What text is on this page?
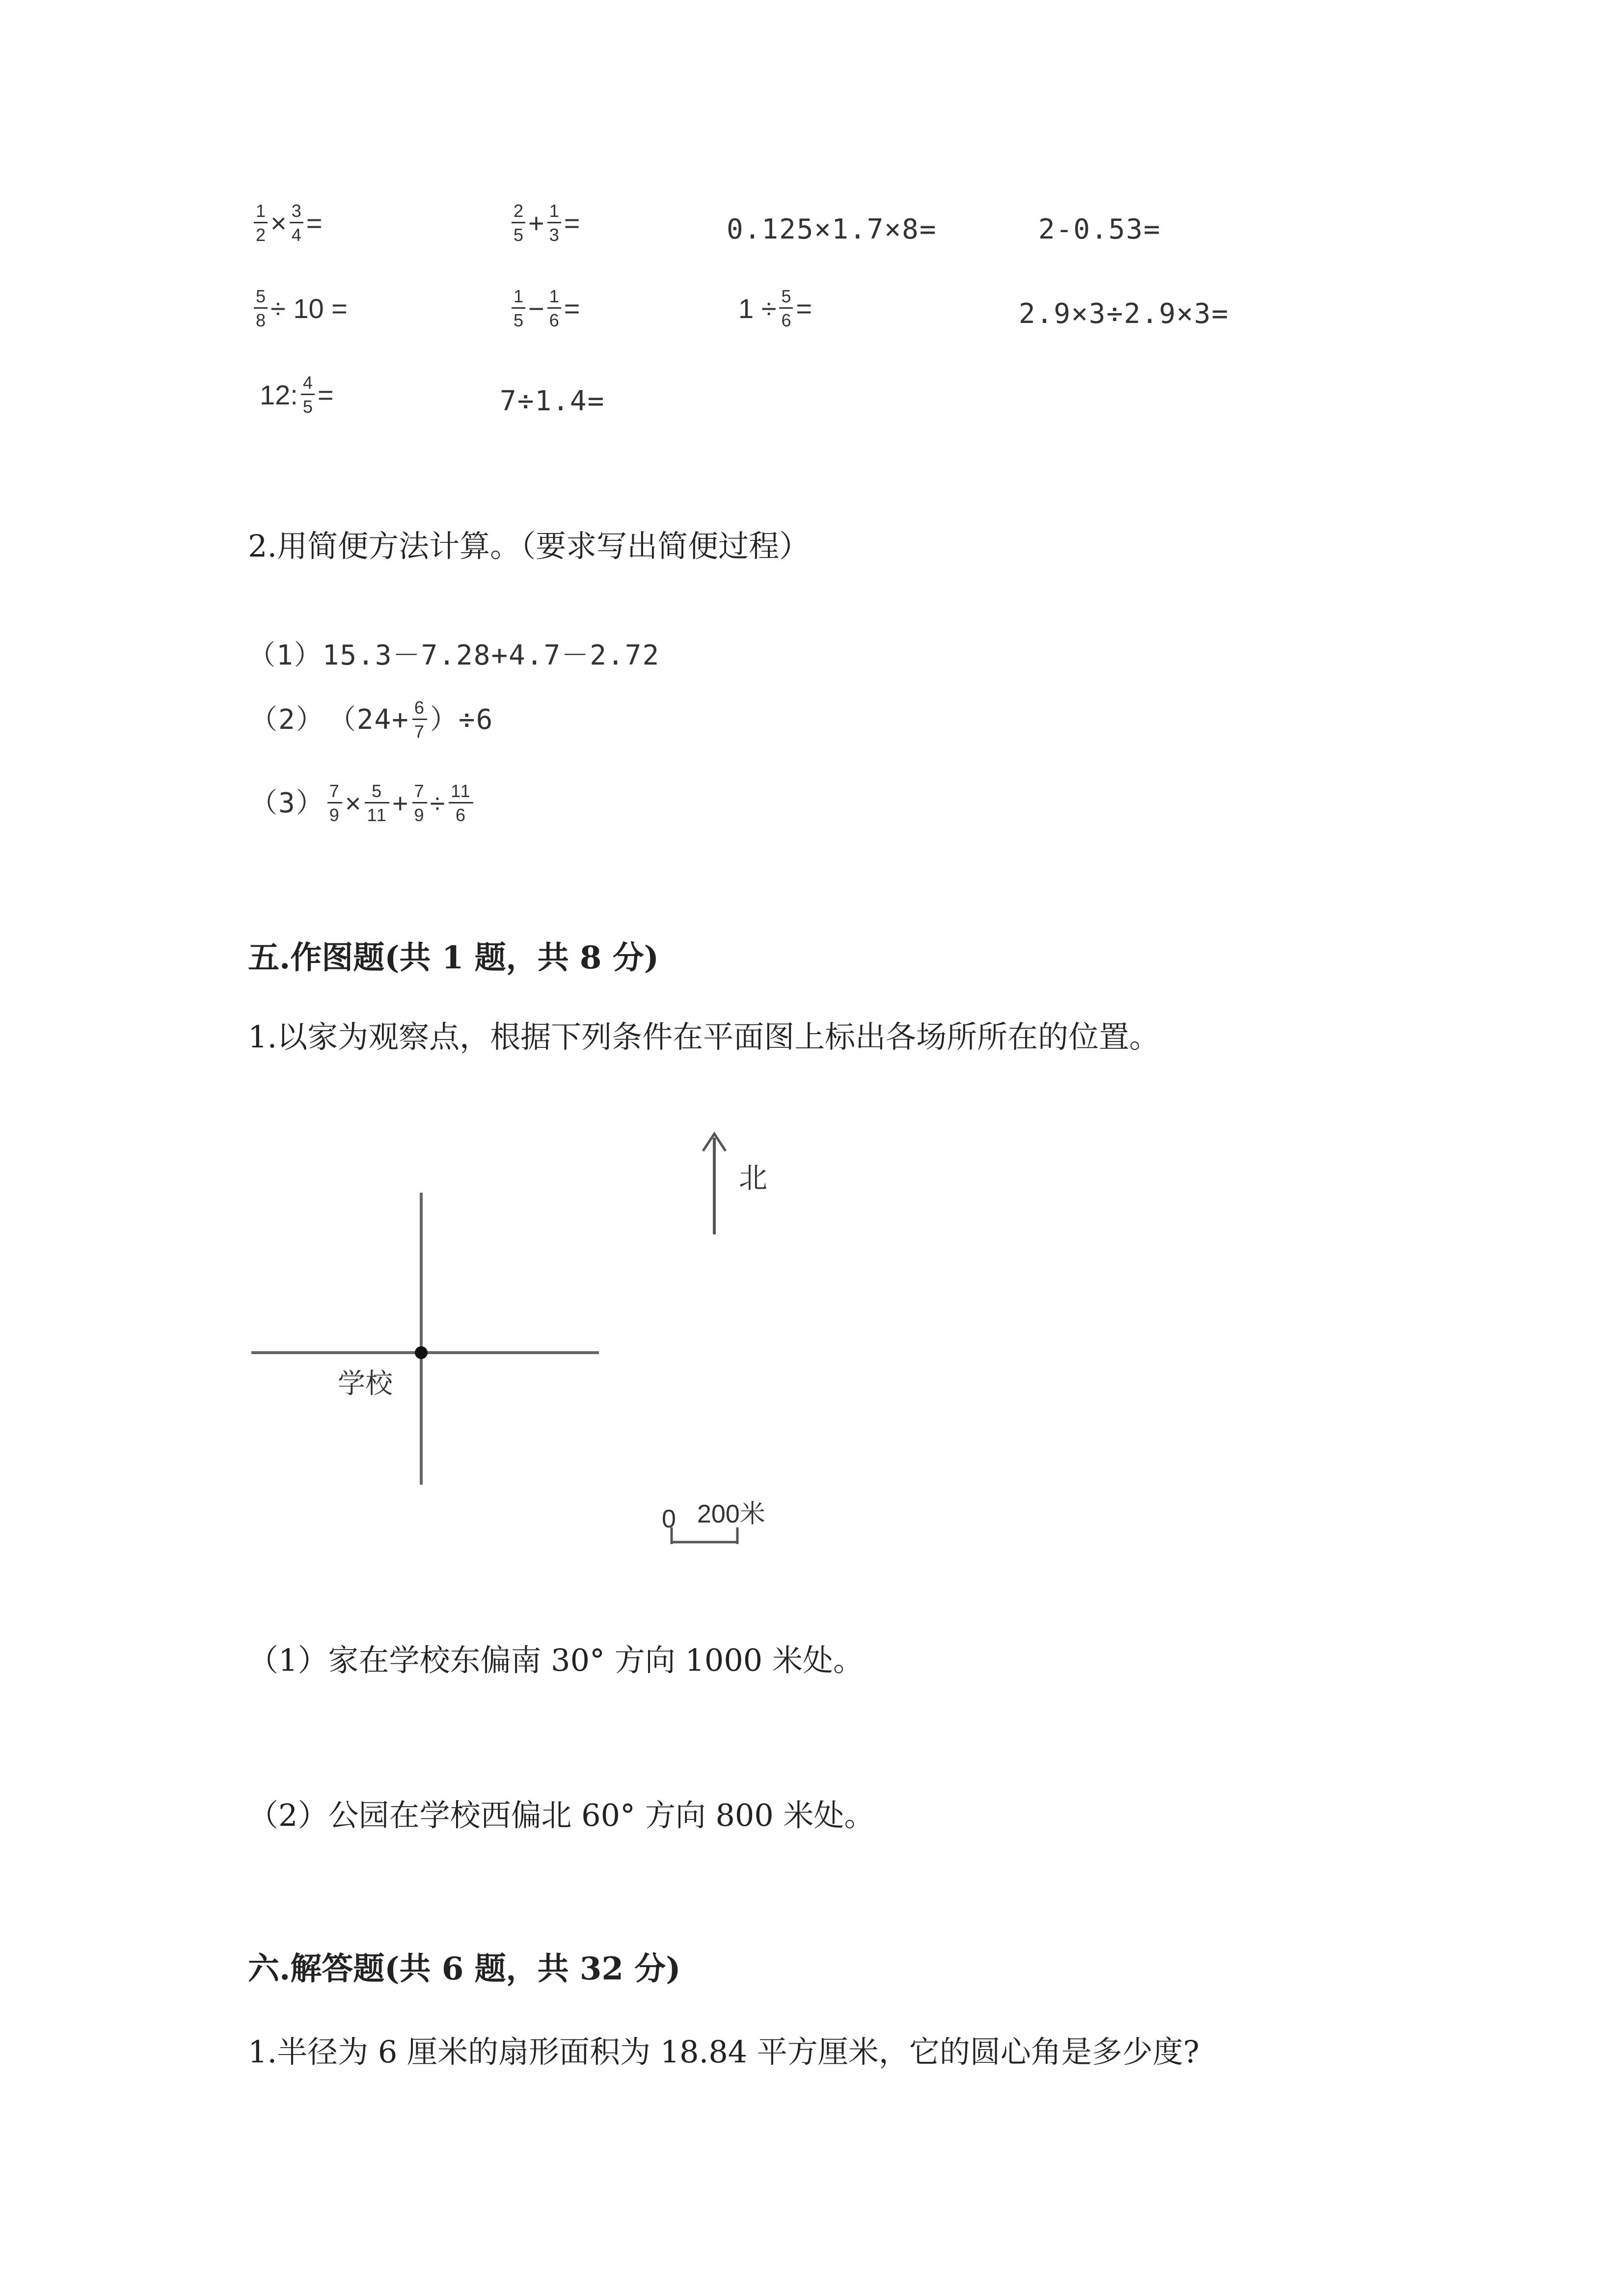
$\frac{1}{2} \times \frac{3}{4}$ =	$\frac{2}{5} + \frac{1}{3}$ =	0.125×1.7×8=	2-0.53=
$\frac{5}{8} \div 10$ =	$\frac{1}{5} - \frac{1}{6}$ =	$1 \div \frac{5}{6}$ =	2.9×3÷2.9×3=
12: $\frac{4}{5}$ =	7÷1.4=
2.用简便方法计算。（要求写出简便过程）
（1）15.3－7.28+4.7－2.72
（2） $(24+ \frac{6}{7} )\div 6$
$(3) \frac{7}{9} \times \frac{5}{11} + \frac{7}{9} \div \frac{11}{6}$
五.作图题(共 1 题，共 8 分)
1.以家为观察点，根据下列条件在平面图上标出各场所所在的位置。
北
学校
0 200米
（1）家在学校东偏南 30° 方向 1000 米处。
（2）公园在学校西偏北 60° 方向 800 米处。
六.解答题(共 6 题，共 32 分)
1.半径为 6 厘米的扇形面积为 18.84 平方厘米，它的圆心角是多少度?
